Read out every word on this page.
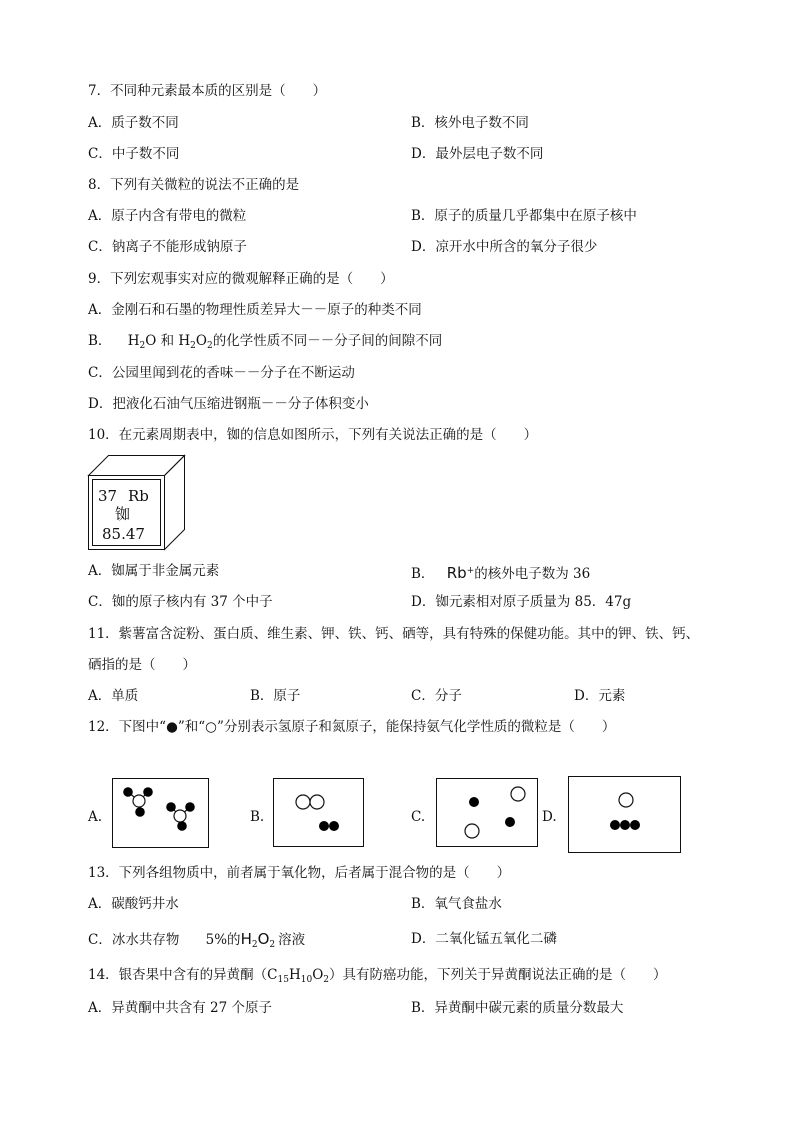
7．不同种元素最本质的区别是（　　）
A．质子数不同	B．核外电子数不同
C．中子数不同	D．最外层电子数不同
8．下列有关微粒的说法不正确的是
A．原子内含有带电的微粒	B．原子的质量几乎都集中在原子核中
C．钠离子不能形成钠原子	D．凉开水中所含的氧分子很少
9．下列宏观事实对应的微观解释正确的是（　　）
A．金刚石和石墨的物理性质差异大－－原子的种类不同
B． $H_2O$ 和 $H_2O_2$的化学性质不同－－分子间的间隙不同
C．公园里闻到花的香味－－分子在不断运动
D．把液化石油气压缩进钢瓶－－分子体积变小
10．在元素周期表中，铷的信息如图所示，下列有关说法正确的是（　　）
37 Rb
铷
85.47
A．铷属于非金属元素	B． Rb+的核外电子数为 36
C．铷的原子核内有 37 个中子	D．铷元素相对原子质量为 85．47g
11．紫薯富含淀粉、蛋白质、维生素、钾、铁、钙、硒等，具有特殊的保健功能。其中的钾、铁、钙、
硒指的是（　　）
A．单质	B．原子	C．分子	D．元素
12．下图中“●”和“○”分别表示氢原子和氮原子，能保持氨气化学性质的微粒是（　　）
A.	B.	C.	D.
13．下列各组物质中，前者属于氧化物，后者属于混合物的是（　　）
A．碳酸钙井水	B．氧气食盐水
C．冰水共存物 5%的$H_2O_2$ 溶液	D．二氧化锰五氧化二磷
14．银杏果中含有的异黄酮$(C_{15}H_{10}O_2)$具有防癌功能，下列关于异黄酮说法正确的是（　　）
A．异黄酮中共含有 27 个原子	B．异黄酮中碳元素的质量分数最大
